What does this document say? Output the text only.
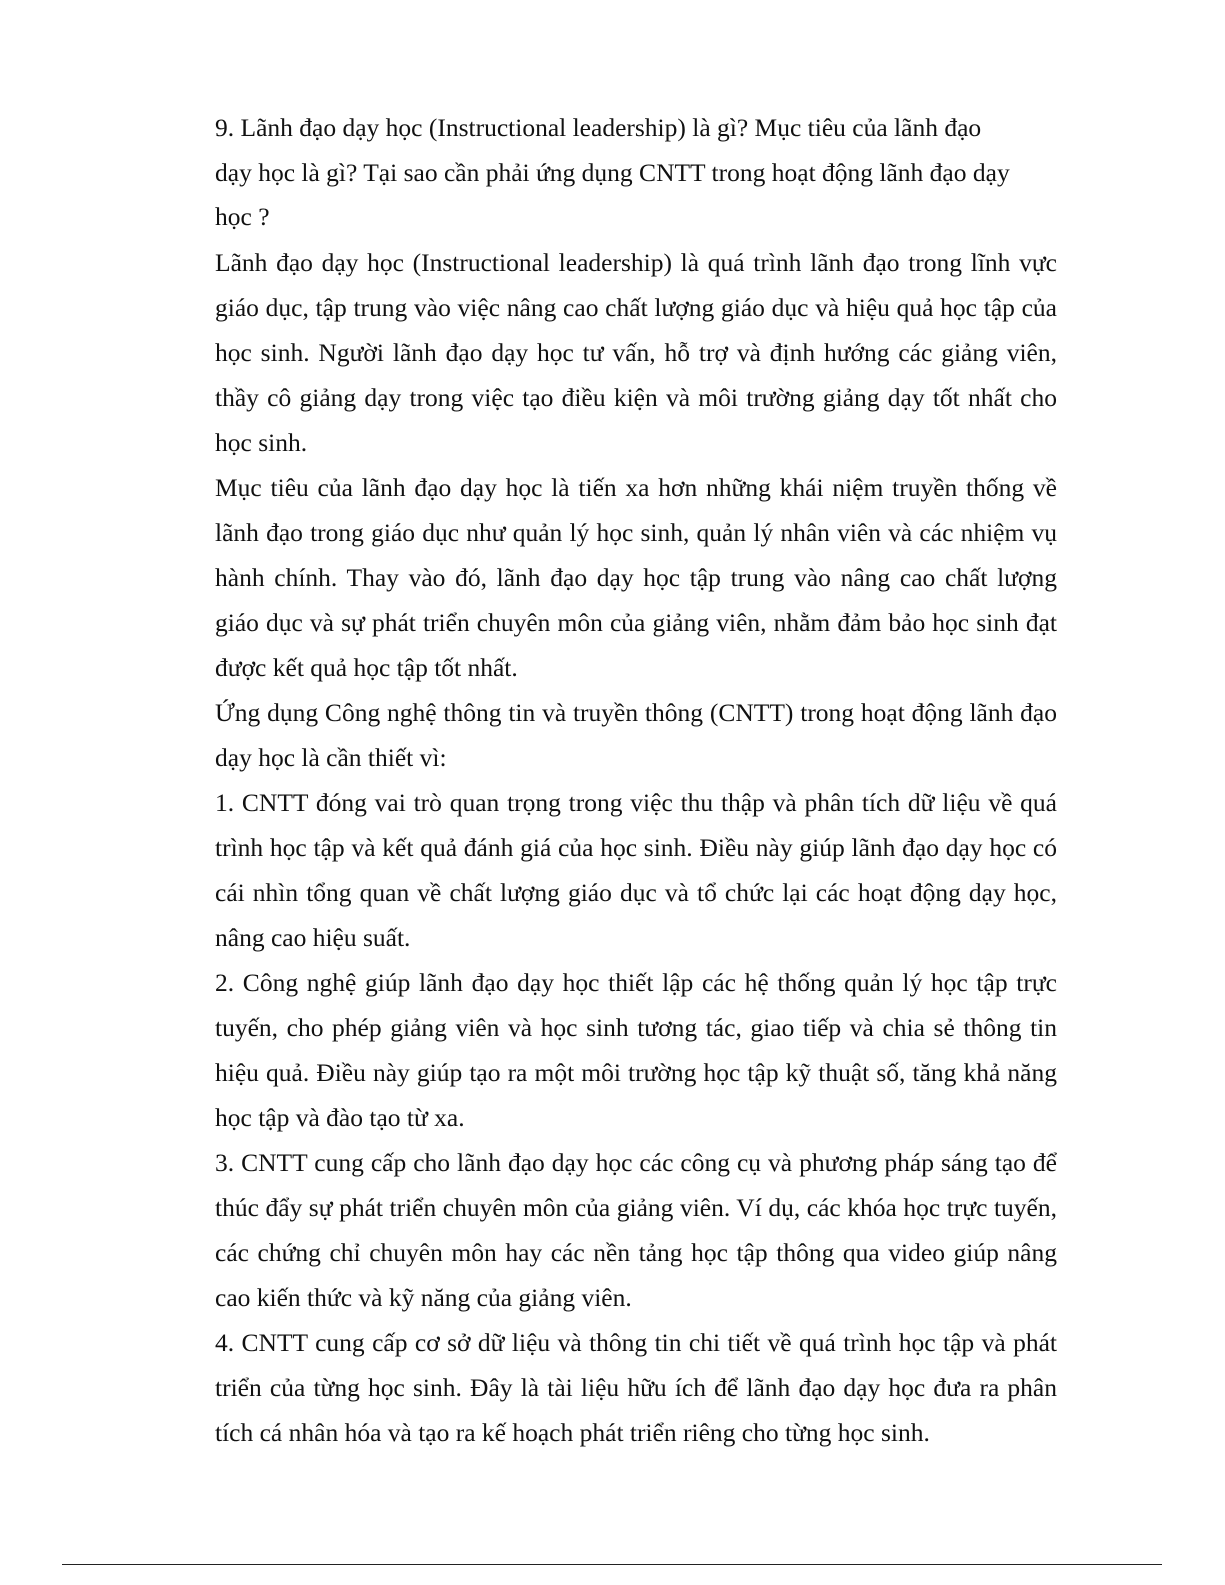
9. Lãnh đạo dạy học (Instructional leadership) là gì? Mục tiêu của lãnh đạo dạy học là gì? Tại sao cần phải ứng dụng CNTT trong hoạt động lãnh đạo dạy học ?

Lãnh đạo dạy học (Instructional leadership) là quá trình lãnh đạo trong lĩnh vực giáo dục, tập trung vào việc nâng cao chất lượng giáo dục và hiệu quả học tập của học sinh. Người lãnh đạo dạy học tư vấn, hỗ trợ và định hướng các giảng viên, thầy cô giảng dạy trong việc tạo điều kiện và môi trường giảng dạy tốt nhất cho học sinh.

Mục tiêu của lãnh đạo dạy học là tiến xa hơn những khái niệm truyền thống về lãnh đạo trong giáo dục như quản lý học sinh, quản lý nhân viên và các nhiệm vụ hành chính. Thay vào đó, lãnh đạo dạy học tập trung vào nâng cao chất lượng giáo dục và sự phát triển chuyên môn của giảng viên, nhằm đảm bảo học sinh đạt được kết quả học tập tốt nhất.

Ứng dụng Công nghệ thông tin và truyền thông (CNTT) trong hoạt động lãnh đạo dạy học là cần thiết vì:

1. CNTT đóng vai trò quan trọng trong việc thu thập và phân tích dữ liệu về quá trình học tập và kết quả đánh giá của học sinh. Điều này giúp lãnh đạo dạy học có cái nhìn tổng quan về chất lượng giáo dục và tổ chức lại các hoạt động dạy học, nâng cao hiệu suất.

2. Công nghệ giúp lãnh đạo dạy học thiết lập các hệ thống quản lý học tập trực tuyến, cho phép giảng viên và học sinh tương tác, giao tiếp và chia sẻ thông tin hiệu quả. Điều này giúp tạo ra một môi trường học tập kỹ thuật số, tăng khả năng học tập và đào tạo từ xa.

3. CNTT cung cấp cho lãnh đạo dạy học các công cụ và phương pháp sáng tạo để thúc đẩy sự phát triển chuyên môn của giảng viên. Ví dụ, các khóa học trực tuyến, các chứng chỉ chuyên môn hay các nền tảng học tập thông qua video giúp nâng cao kiến thức và kỹ năng của giảng viên.

4. CNTT cung cấp cơ sở dữ liệu và thông tin chi tiết về quá trình học tập và phát triển của từng học sinh. Đây là tài liệu hữu ích để lãnh đạo dạy học đưa ra phân tích cá nhân hóa và tạo ra kế hoạch phát triển riêng cho từng học sinh.
